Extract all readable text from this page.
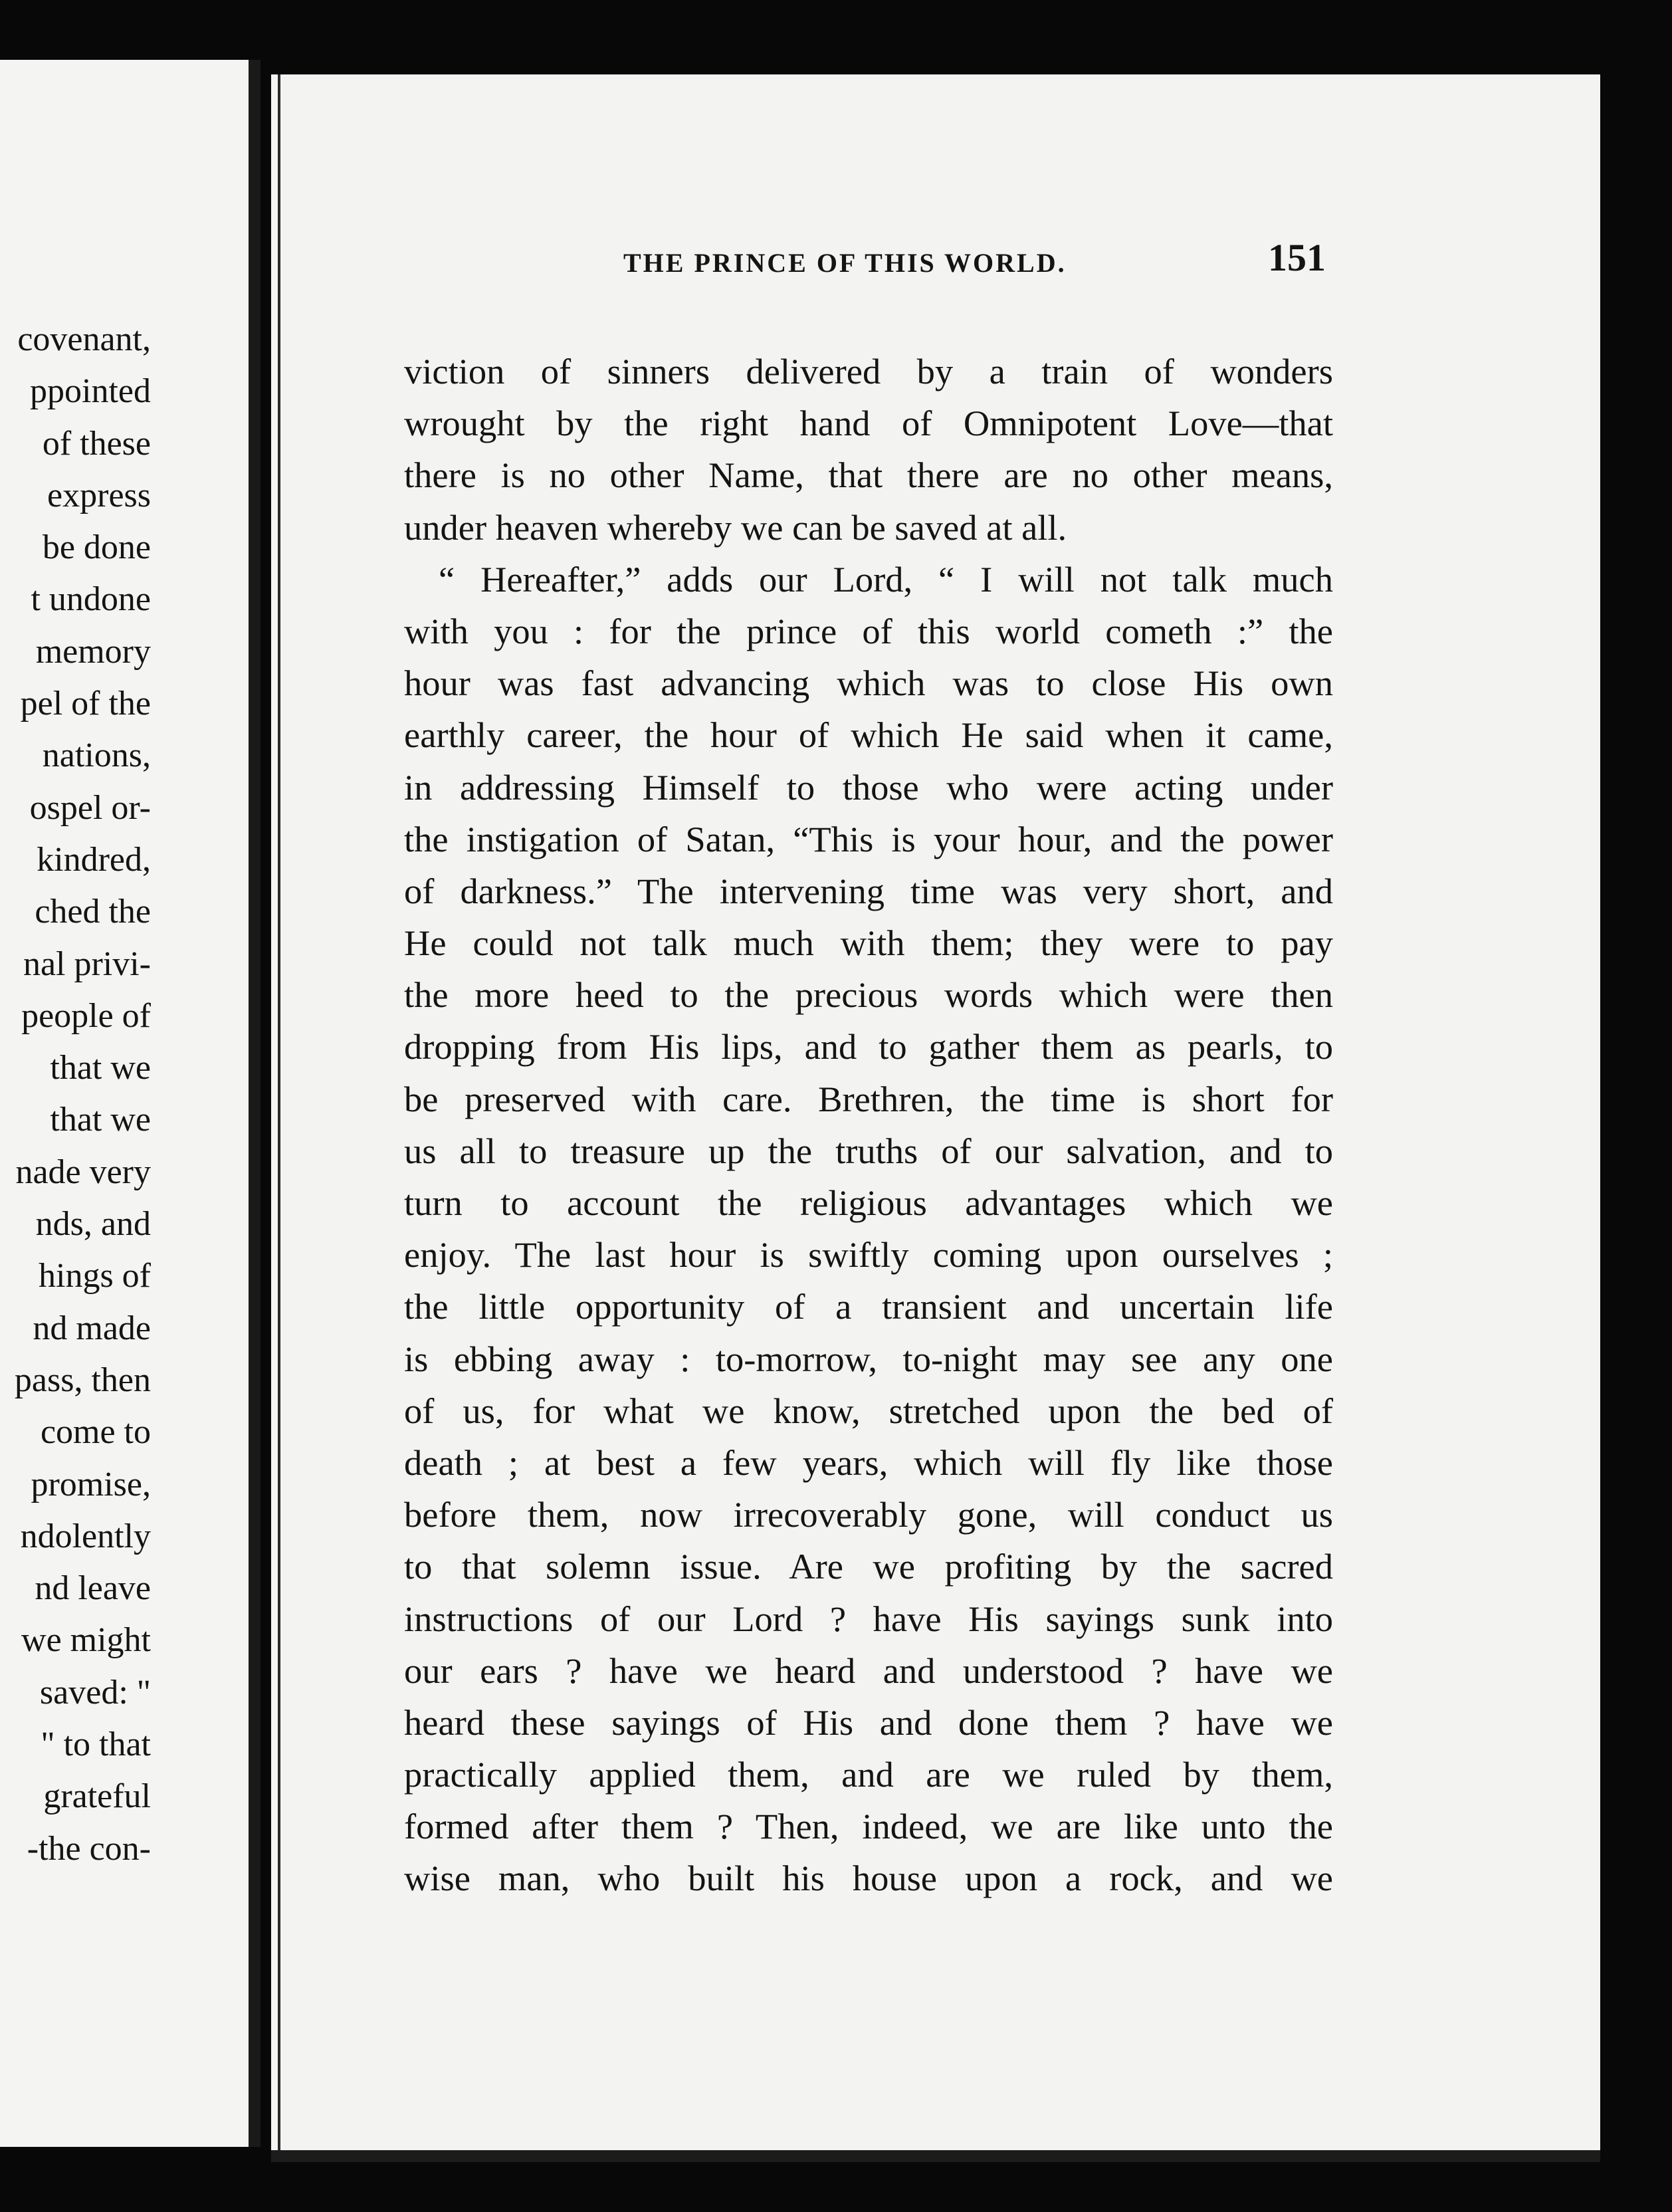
covenant,
ppointed
of these
express
be done
t undone
memory
pel of the
nations,
ospel or-
kindred,
ched the
nal privi-
people of
that we
that we
nade very
nds, and
hings of
nd made
pass, then
come to
promise,
ndolently
nd leave
we might
saved: "
" to that
grateful
-the con-
THE PRINCE OF THIS WORLD.	151
viction of sinners delivered by a train of wonders
wrought by the right hand of Omnipotent Love—that
there is no other Name, that there are no other means,
under heaven whereby we can be saved at all.
“ Hereafter,” adds our Lord, “ I will not talk much
with you : for the prince of this world cometh :” the
hour was fast advancing which was to close His own
earthly career, the hour of which He said when it came,
in addressing Himself to those who were acting under
the instigation of Satan, “This is your hour, and the power
of darkness.” The intervening time was very short, and
He could not talk much with them; they were to pay
the more heed to the precious words which were then
dropping from His lips, and to gather them as pearls, to
be preserved with care. Brethren, the time is short for
us all to treasure up the truths of our salvation, and to
turn to account the religious advantages which we
enjoy. The last hour is swiftly coming upon ourselves ;
the little opportunity of a transient and uncertain life
is ebbing away : to-morrow, to-night may see any one
of us, for what we know, stretched upon the bed of
death ; at best a few years, which will fly like those
before them, now irrecoverably gone, will conduct us
to that solemn issue. Are we profiting by the sacred
instructions of our Lord ? have His sayings sunk into
our ears ? have we heard and understood ? have we
heard these sayings of His and done them ? have we
practically applied them, and are we ruled by them,
formed after them ? Then, indeed, we are like unto the
wise man, who built his house upon a rock, and we
